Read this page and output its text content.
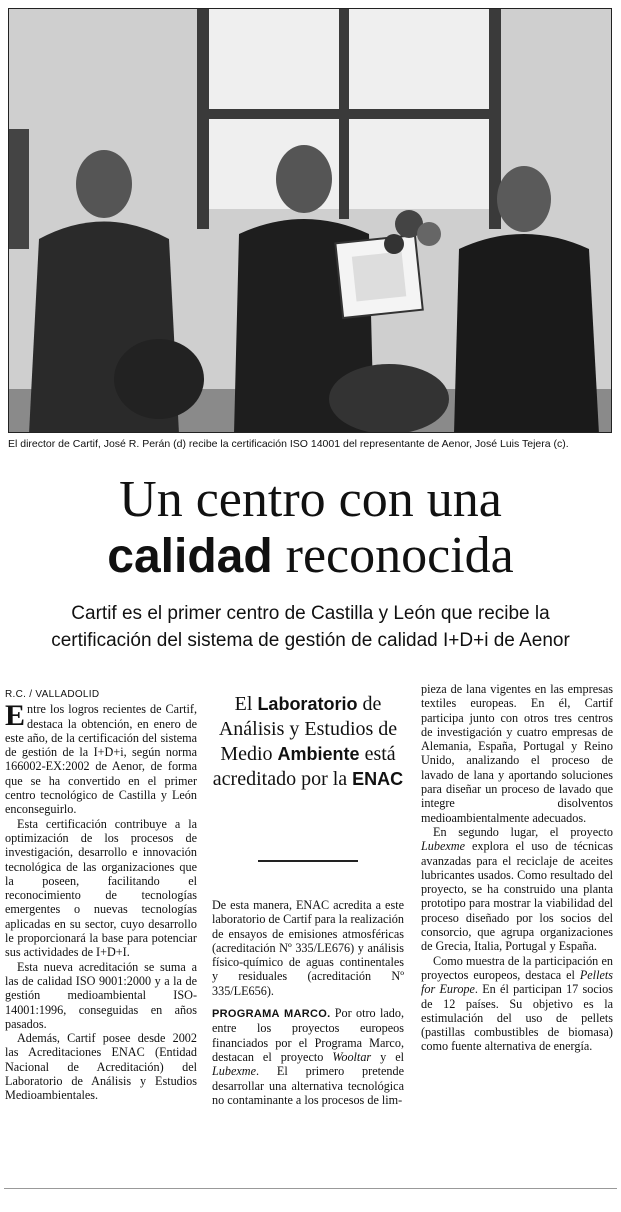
El director de Cartif, José R. Perán (d) recibe la certificación ISO 14001 del representante de Aenor, José Luis Tejera (c).
Un centro con una
calidad reconocida
Cartif es el primer centro de Castilla y León que recibe la
certificación del sistema de gestión de calidad I+D+i de Aenor
R.C. / VALLADOLID

Entre los logros recientes de Cartif, destaca la obtención, en enero de este año, de la certificación del sistema de gestión de la I+D+i, según norma 166002-EX:2002 de Aenor, de forma que se ha convertido en el primer centro tecnológico de Castilla y León enconseguirlo.

Esta certificación contribuye a la optimización de los procesos de investigación, desarrollo e innovación tecnológica de las organizaciones que la poseen, facilitando el reconocimiento de tecnologías emergentes o nuevas tecnologías aplicadas en su sector, cuyo desarrollo le proporcionará la base para potenciar sus actividades de I+D+I.

Esta nueva acreditación se suma a las de calidad ISO 9001:2000 y a la de gestión medioambiental ISO-14001:1996, conseguidas en años pasados.

Además, Cartif posee desde 2002 las Acreditaciones ENAC (Entidad Nacional de Acreditación) del Laboratorio de Análisis y Estudios Medioambientales.

El Laboratorio de Análisis y Estudios de Medio Ambiente está acreditado por la ENAC

De esta manera, ENAC acredita a este laboratorio de Cartif para la realización de ensayos de emisiones atmosféricas (acreditación Nº 335/LE676) y análisis físico-químico de aguas continentales y residuales (acreditación Nº 335/LE656).

PROGRAMA MARCO. Por otro lado, entre los proyectos europeos financiados por el Programa Marco, destacan el proyecto Wooltar y el Lubexme. El primero pretende desarrollar una alternativa tecnológica no contaminante a los procesos de lim-

pieza de lana vigentes en las empresas textiles europeas. En él, Cartif participa junto con otros tres centros de investigación y cuatro empresas de Alemania, España, Portugal y Reino Unido, analizando el proceso de lavado de lana y aportando soluciones para diseñar un proceso de lavado que integre disolventos medioambientalmente adecuados.

En segundo lugar, el proyecto Lubexme explora el uso de técnicas avanzadas para el reciclaje de aceites lubricantes usados. Como resultado del proyecto, se ha construido una planta prototipo para mostrar la viabilidad del proceso diseñado por los socios del consorcio, que agrupa organizaciones de Grecia, Italia, Portugal y España.

Como muestra de la participación en proyectos europeos, destaca el Pellets for Europe. En él participan 17 socios de 12 países. Su objetivo es la estimulación del uso de pellets (pastillas combustibles de biomasa) como fuente alternativa de energía.
